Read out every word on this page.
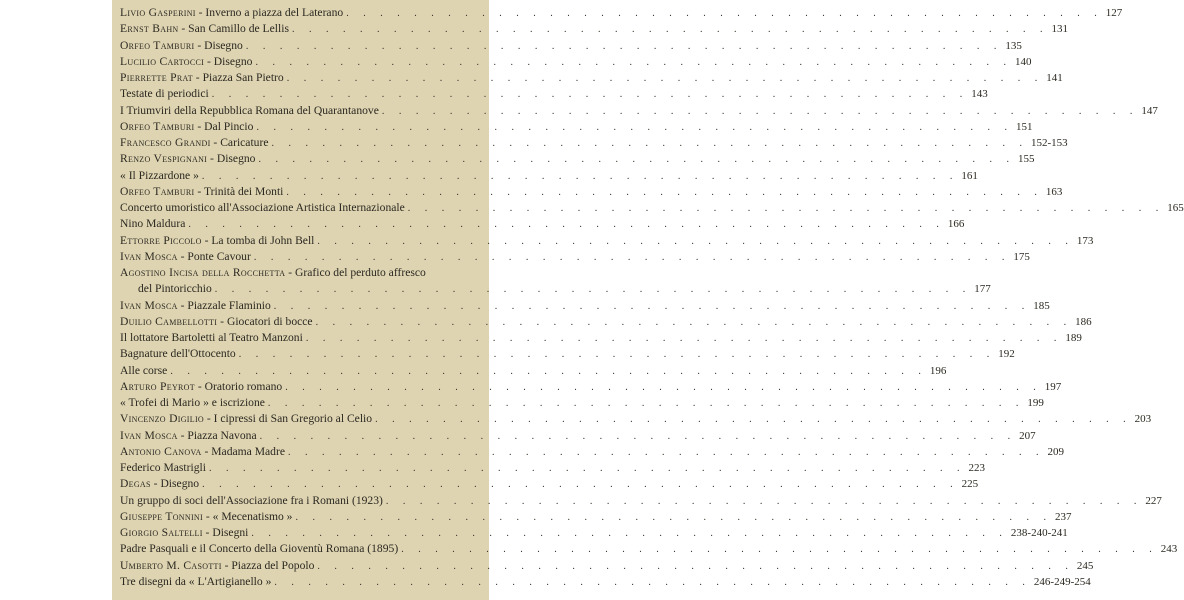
Livio Gasperini - Inverno a piazza del Laterano . . . . . . . . . . . . . . . . . . . . . . . . . . . . . . . . . . . . . . . . . . . . . 127
Ernst Bahn - San Camillo de Lellis . . . . . . . . . . . . . . . . . . . . . . . . . . . . . . . . . . . . . . . . . . . . . 131
Orfeo Tamburi - Disegno . . . . . . . . . . . . . . . . . . . . . . . . . . . . . . . . . . . . . . . . . . . . . 135
Lucilio Cartocci - Disegno . . . . . . . . . . . . . . . . . . . . . . . . . . . . . . . . . . . . . . . . . . . . . 140
Pierrette Prat - Piazza San Pietro . . . . . . . . . . . . . . . . . . . . . . . . . . . . . . . . . . . . . . . . . . . . . 141
Testate di periodici . . . . . . . . . . . . . . . . . . . . . . . . . . . . . . . . . . . . . . . . . . . . . 143
I Triumviri della Repubblica Romana del Quarantanove . . . . . . . . . . . . . . . . . . . . . . . . . . . . . . . . . . . . . . . . . . . . . 147
Orfeo Tamburi - Dal Pincio . . . . . . . . . . . . . . . . . . . . . . . . . . . . . . . . . . . . . . . . . . . . . 151
Francesco Grandi - Caricature . . . . . . . . . . . . . . . . . . . . . . . . . . . . . . . . . . . . . . . . . . . . . 152-153
Renzo Vespignani - Disegno . . . . . . . . . . . . . . . . . . . . . . . . . . . . . . . . . . . . . . . . . . . . . 155
« Il Pizzardone » . . . . . . . . . . . . . . . . . . . . . . . . . . . . . . . . . . . . . . . . . . . . . 161
Orfeo Tamburi - Trinità dei Monti . . . . . . . . . . . . . . . . . . . . . . . . . . . . . . . . . . . . . . . . . . . . . 163
Concerto umoristico all'Associazione Artistica Internazionale . . . . . . . . . . . . . . . . . . . . . . . . . . . . . . . . . . . . . . . . . . . . . 165
Nino Maldura . . . . . . . . . . . . . . . . . . . . . . . . . . . . . . . . . . . . . . . . . . . . . 166
Ettorre Piccolo - La tomba di John Bell . . . . . . . . . . . . . . . . . . . . . . . . . . . . . . . . . . . . . . . . . . . . . 173
Ivan Mosca - Ponte Cavour . . . . . . . . . . . . . . . . . . . . . . . . . . . . . . . . . . . . . . . . . . . . . 175
Agostino Incisa della Rocchetta - Grafico del perduto affresco
del Pintoricchio . . . . . . . . . . . . . . . . . . . . . . . . . . . . . . . . . . . . . . . . . . . . . 177
Ivan Mosca - Piazzale Flaminio . . . . . . . . . . . . . . . . . . . . . . . . . . . . . . . . . . . . . . . . . . . . . 185
Duilio Cambellotti - Giocatori di bocce . . . . . . . . . . . . . . . . . . . . . . . . . . . . . . . . . . . . . . . . . . . . . 186
Il lottatore Bartoletti al Teatro Manzoni . . . . . . . . . . . . . . . . . . . . . . . . . . . . . . . . . . . . . . . . . . . . . 189
Bagnature dell'Ottocento . . . . . . . . . . . . . . . . . . . . . . . . . . . . . . . . . . . . . . . . . . . . . 192
Alle corse . . . . . . . . . . . . . . . . . . . . . . . . . . . . . . . . . . . . . . . . . . . . . 196
Arturo Peyrot - Oratorio romano . . . . . . . . . . . . . . . . . . . . . . . . . . . . . . . . . . . . . . . . . . . . . 197
« Trofei di Mario » e iscrizione . . . . . . . . . . . . . . . . . . . . . . . . . . . . . . . . . . . . . . . . . . . . . 199
Vincenzo Digilio - I cipressi di San Gregorio al Celio . . . . . . . . . . . . . . . . . . . . . . . . . . . . . . . . . . . . . . . . . . . . . 203
Ivan Mosca - Piazza Navona . . . . . . . . . . . . . . . . . . . . . . . . . . . . . . . . . . . . . . . . . . . . . 207
Antonio Canova - Madama Madre . . . . . . . . . . . . . . . . . . . . . . . . . . . . . . . . . . . . . . . . . . . . . 209
Federico Mastrigli . . . . . . . . . . . . . . . . . . . . . . . . . . . . . . . . . . . . . . . . . . . . . 223
Degas - Disegno . . . . . . . . . . . . . . . . . . . . . . . . . . . . . . . . . . . . . . . . . . . . . 225
Un gruppo di soci dell'Associazione fra i Romani (1923) . . . . . . . . . . . . . . . . . . . . . . . . . . . . . . . . . . . . . . . . . . . . . 227
Giuseppe Tonnini - « Mecenatismo » . . . . . . . . . . . . . . . . . . . . . . . . . . . . . . . . . . . . . . . . . . . . . 237
Giorgio Saltelli - Disegni . . . . . . . . . . . . . . . . . . . . . . . . . . . . . . . . . . . . . . . . . . . . . 238-240-241
Padre Pasquali e il Concerto della Gioventù Romana (1895) . . . . . . . . . . . . . . . . . . . . . . . . . . . . . . . . . . . . . . . . . . . . . 243
Umberto M. Casotti - Piazza del Popolo . . . . . . . . . . . . . . . . . . . . . . . . . . . . . . . . . . . . . . . . . . . . . 245
Tre disegni da « L'Artigianello » . . . . . . . . . . . . . . . . . . . . . . . . . . . . . . . . . . . . . . . . . . . . . 246-249-254
